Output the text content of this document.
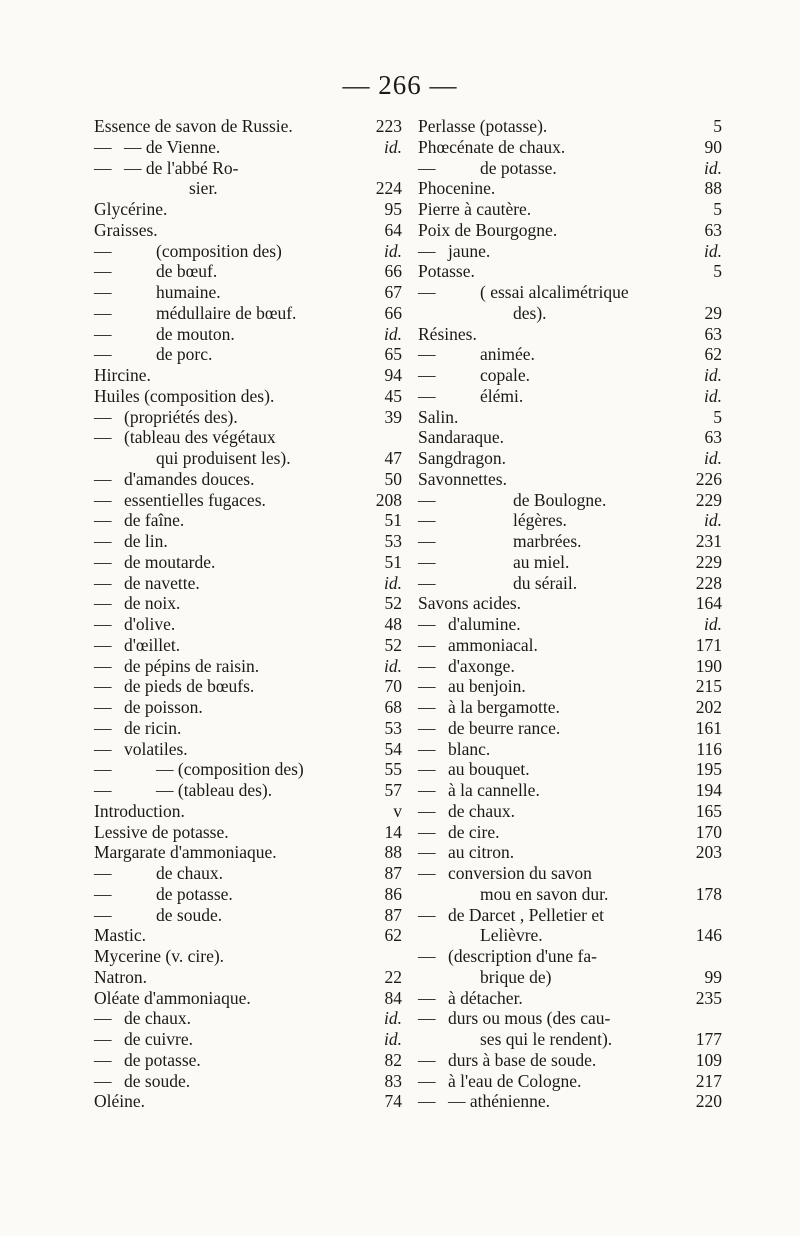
— 266 —
Essence de savon de Russie.	223
— — de Vienne.	id.
— — de l'abbé Ro-
sier.	224
Glycérine.	95
Graisses.	64
—	(composition des)	id.
—	de bœuf.	66
—	humaine.	67
—	médullaire de bœuf.	66
—	de mouton.	id.
—	de porc.	65
Hircine.	94
Huiles (composition des).	45
— (propriétés des).	39
— (tableau des végétaux
qui produisent les).	47
— d'amandes douces.	50
— essentielles fugaces.	208
— de faîne.	51
— de lin.	53
— de moutarde.	51
— de navette.	id.
— de noix.	52
— d'olive.	48
— d'œillet.	52
— de pépins de raisin.	id.
— de pieds de bœufs.	70
— de poisson.	68
— de ricin.	53
— volatiles.	54
—	— (composition des)	55
—	— (tableau des).	57
Introduction.	v
Lessive de potasse.	14
Margarate d'ammoniaque.	88
—	de chaux.	87
—	de potasse.	86
—	de soude.	87
Mastic.	62
Mycerine (v. cire).
Natron.	22
Oléate d'ammoniaque.	84
— de chaux.	id.
— de cuivre.	id.
— de potasse.	82
— de soude.	83
Oléine.	74
Perlasse (potasse).	5
Phœcénate de chaux.	90
—	de potasse.	id.
Phocenine.	88
Pierre à cautère.	5
Poix de Bourgogne.	63
— jaune.	id.
Potasse.	5
—	( essai alcalimétrique
des).	29
Résines.	63
—	animée.	62
—	copale.	id.
—	élémi.	id.
Salin.	5
Sandaraque.	63
Sangdragon.	id.
Savonnettes.	226
—	de Boulogne.	229
—	légères.	id.
—	marbrées.	231
—	au miel.	229
—	du sérail.	228
Savons acides.	164
— d'alumine.	id.
— ammoniacal.	171
— d'axonge.	190
— au benjoin.	215
— à la bergamotte.	202
— de beurre rance.	161
— blanc.	116
— au bouquet.	195
— à la cannelle.	194
— de chaux.	165
— de cire.	170
— au citron.	203
— conversion du savon
mou en savon dur.	178
— de Darcet , Pelletier et
Lelièvre.	146
— (description d'une fa-
brique de)	99
— à détacher.	235
— durs ou mous (des cau-
ses qui le rendent).	177
— durs à base de soude.	109
— à l'eau de Cologne.	217
— — athénienne.	220
